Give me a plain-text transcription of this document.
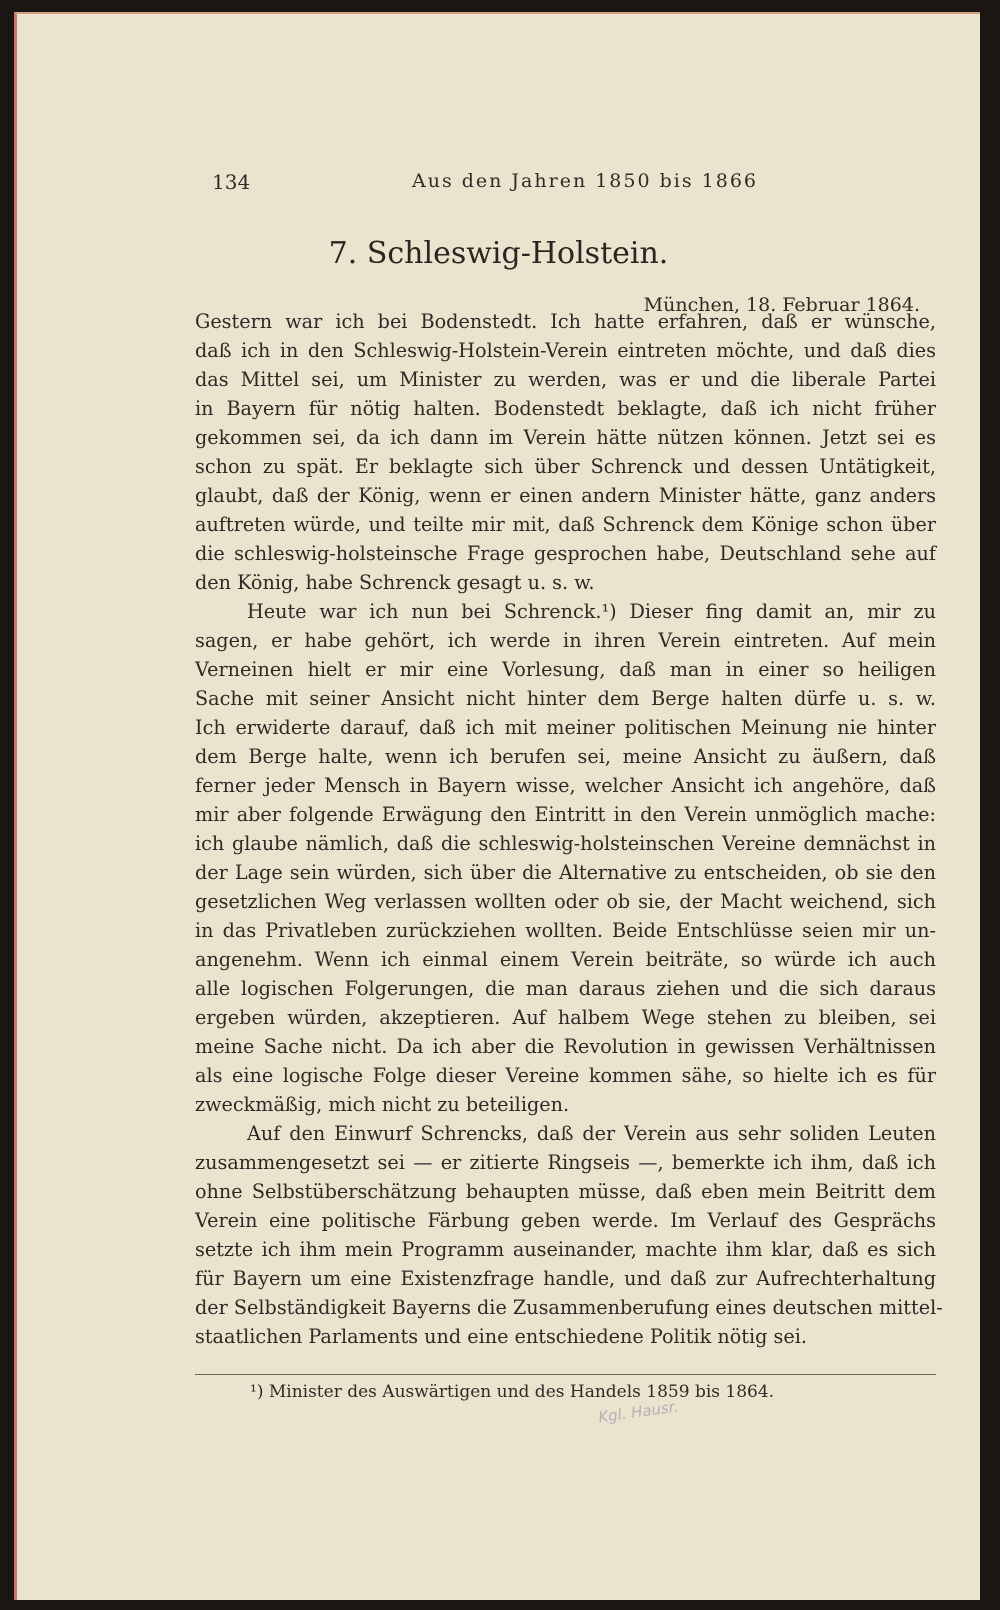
134	Aus den Jahren 1850 bis 1866
7. Schleswig-Holstein.
München, 18. Februar 1864.
Gestern war ich bei Bodenstedt. Ich hatte erfahren, daß er wünsche,
daß ich in den Schleswig-Holstein-Verein eintreten möchte, und daß dies
das Mittel sei, um Minister zu werden, was er und die liberale Partei
in Bayern für nötig halten. Bodenstedt beklagte, daß ich nicht früher
gekommen sei, da ich dann im Verein hätte nützen können. Jetzt sei es
schon zu spät. Er beklagte sich über Schrenck und dessen Untätigkeit,
glaubt, daß der König, wenn er einen andern Minister hätte, ganz anders
auftreten würde, und teilte mir mit, daß Schrenck dem Könige schon über
die schleswig-holsteinsche Frage gesprochen habe, Deutschland sehe auf
den König, habe Schrenck gesagt u. s. w.
Heute war ich nun bei Schrenck.¹) Dieser fing damit an, mir zu
sagen, er habe gehört, ich werde in ihren Verein eintreten. Auf mein
Verneinen hielt er mir eine Vorlesung, daß man in einer so heiligen
Sache mit seiner Ansicht nicht hinter dem Berge halten dürfe u. s. w.
Ich erwiderte darauf, daß ich mit meiner politischen Meinung nie hinter
dem Berge halte, wenn ich berufen sei, meine Ansicht zu äußern, daß
ferner jeder Mensch in Bayern wisse, welcher Ansicht ich angehöre, daß
mir aber folgende Erwägung den Eintritt in den Verein unmöglich mache:
ich glaube nämlich, daß die schleswig-holsteinschen Vereine demnächst in
der Lage sein würden, sich über die Alternative zu entscheiden, ob sie den
gesetzlichen Weg verlassen wollten oder ob sie, der Macht weichend, sich
in das Privatleben zurückziehen wollten. Beide Entschlüsse seien mir un-
angenehm. Wenn ich einmal einem Verein beiträte, so würde ich auch
alle logischen Folgerungen, die man daraus ziehen und die sich daraus
ergeben würden, akzeptieren. Auf halbem Wege stehen zu bleiben, sei
meine Sache nicht. Da ich aber die Revolution in gewissen Verhältnissen
als eine logische Folge dieser Vereine kommen sähe, so hielte ich es für
zweckmäßig, mich nicht zu beteiligen.
Auf den Einwurf Schrencks, daß der Verein aus sehr soliden Leuten
zusammengesetzt sei — er zitierte Ringseis —, bemerkte ich ihm, daß ich
ohne Selbstüberschätzung behaupten müsse, daß eben mein Beitritt dem
Verein eine politische Färbung geben werde. Im Verlauf des Gesprächs
setzte ich ihm mein Programm auseinander, machte ihm klar, daß es sich
für Bayern um eine Existenzfrage handle, und daß zur Aufrechterhaltung
der Selbständigkeit Bayerns die Zusammenberufung eines deutschen mittel-
staatlichen Parlaments und eine entschiedene Politik nötig sei.
¹) Minister des Auswärtigen und des Handels 1859 bis 1864.
Kgl. Hausr.
